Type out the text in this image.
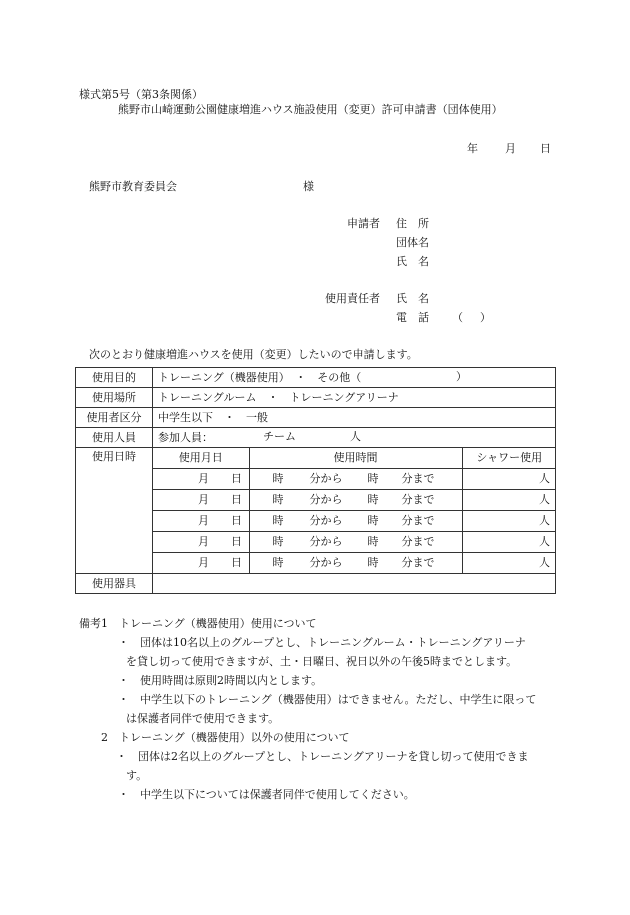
様式第5号（第3条関係）
熊野市山崎運動公園健康増進ハウス施設使用（変更）許可申請書（団体使用）
年 月 日
熊野市教育委員会	様
申請者 住　所
団体名
氏　名
使用責任者 氏　名
電　話 （ ）
次のとおり健康増進ハウスを使用（変更）したいので申請します。
使用目的	トレーニング（機器使用）　・　その他（	）

使用場所	トレーニングルーム　・　トレーニングアリーナ
使用者区分	中学生以下　・　一般
使用人員	参加人員：	チーム	人

使用日時		使用月日	使用時間	シャワー使用

月 日	時 分から 時 分まで	人

月 日	時 分から 時 分まで	人

月 日	時 分から 時 分まで	人

月 日	時 分から 時 分まで	人

月 日	時 分から 時 分まで	人

使用器具	
備考1　トレーニング（機器使用）使用について
・　団体は10名以上のグループとし、トレーニングルーム・トレーニングアリーナ
を貸し切って使用できますが、土・日曜日、祝日以外の午後5時までとします。
・　使用時間は原則2時間以内とします。
・　中学生以下のトレーニング（機器使用）はできません。ただし、中学生に限って
は保護者同伴で使用できます。
2　トレーニング（機器使用）以外の使用について
・　団体は2名以上のグループとし、トレーニングアリーナを貸し切って使用できま
す。
・　中学生以下については保護者同伴で使用してください。
